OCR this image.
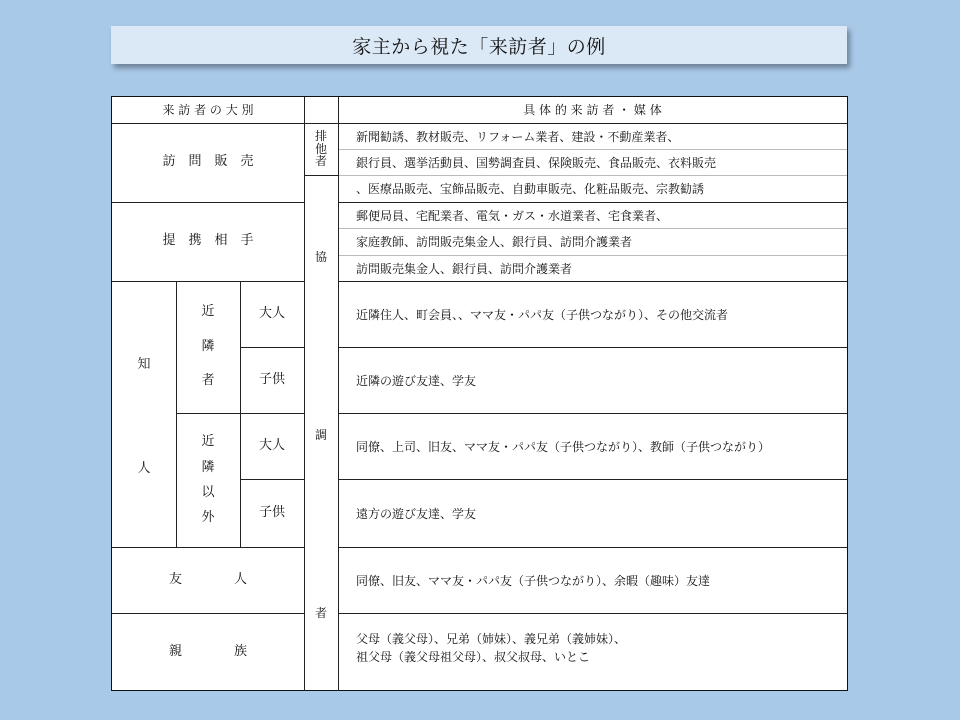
家主から視た「来訪者」の例
来 訪 者 の 大 別	具 体 的 来 訪 者 ・ 媒 体
排
他
者
協
調
者
訪　問　販　売
提　携　相　手
知
人
近
隣
者
近
隣
以
外
大人
子供
大人
子供
友　　　　人
親　　　　族
新聞勧誘、教材販売、リフォーム業者、建設・不動産業者、
銀行員、選挙活動員、国勢調査員、保険販売、食品販売、衣料販売
、医療品販売、宝飾品販売、自動車販売、化粧品販売、宗教勧誘
郵便局員、宅配業者、電気・ガス・水道業者、宅食業者、
家庭教師、訪問販売集金人、銀行員、訪問介護業者
訪問販売集金人、銀行員、訪問介護業者
近隣住人、町会員、、ママ友・パパ友（子供つながり）、その他交流者
近隣の遊び友達、学友
同僚、上司、旧友、ママ友・パパ友（子供つながり）、教師（子供つながり）
遠方の遊び友達、学友
同僚、旧友、ママ友・パパ友（子供つながり）、余暇（趣味）友達
父母（義父母）、兄弟（姉妹）、義兄弟（義姉妹）、
祖父母（義父母祖父母）、叔父叔母、いとこ
